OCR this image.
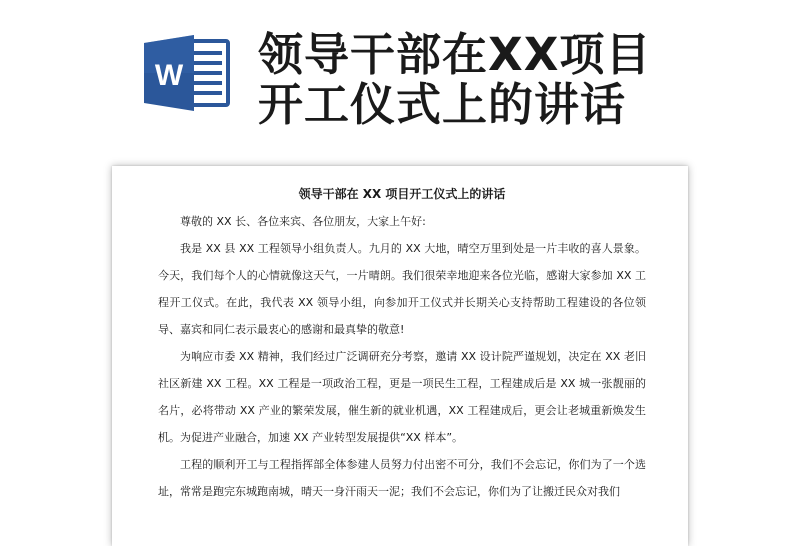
W 领导干部在XX项目
开工仪式上的讲话
领导干部在 XX 项目开工仪式上的讲话

尊敬的 XX 长、各位来宾、各位朋友，大家上午好:

我是 XX 县 XX 工程领导小组负责人。九月的 XX 大地，晴空万里到处是一片丰收的喜人景象。今天，我们每个人的心情就像这天气，一片晴朗。我们很荣幸地迎来各位光临，感谢大家参加 XX 工程开工仪式。在此，我代表 XX 领导小组，向参加开工仪式并长期关心支持帮助工程建设的各位领导、嘉宾和同仁表示最衷心的感谢和最真挚的敬意!

为响应市委 XX 精神，我们经过广泛调研充分考察，邀请 XX 设计院严谨规划，决定在 XX 老旧社区新建 XX 工程。XX 工程是一项政治工程，更是一项民生工程，工程建成后是 XX 城一张靓丽的名片，必将带动 XX 产业的繁荣发展，催生新的就业机遇，XX 工程建成后，更会让老城重新焕发生机。为促进产业融合，加速 XX 产业转型发展提供“XX 样本”。

工程的顺利开工与工程指挥部全体参建人员努力付出密不可分，我们不会忘记，你们为了一个选址，常常是跑完东城跑南城，晴天一身汗雨天一泥；我们不会忘记，你们为了让搬迁民众对我们
